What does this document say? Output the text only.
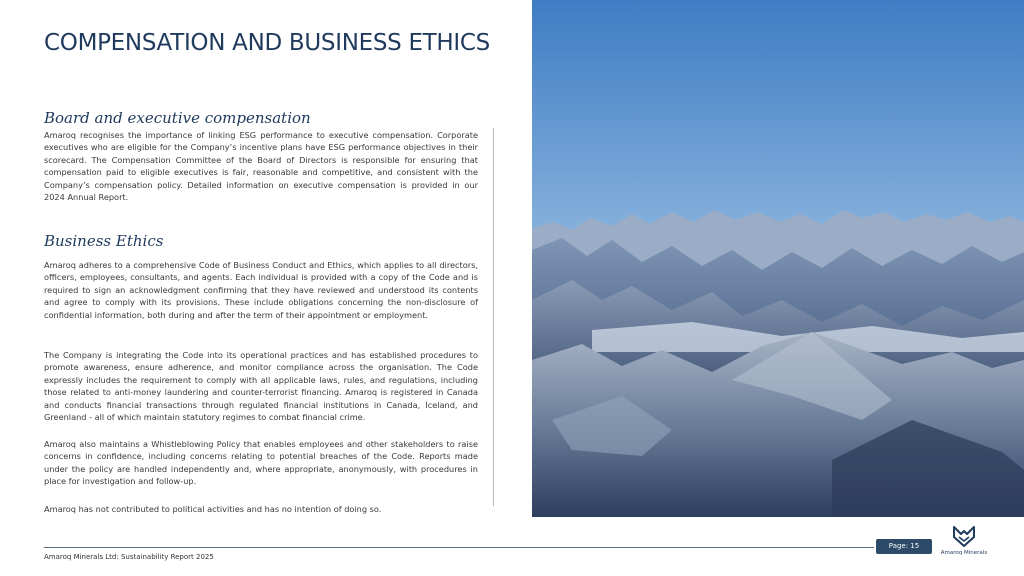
COMPENSATION AND BUSINESS ETHICS
Board and executive compensation

Amaroq recognises the importance of linking ESG performance to executive compensation. Corporate executives who are eligible for the Company’s incentive plans have ESG performance objectives in their scorecard. The Compensation Committee of the Board of Directors is responsible for ensuring that compensation paid to eligible executives is fair, reasonable and competitive, and consistent with the Company’s compensation policy. Detailed information on executive compensation is provided in our 2024 Annual Report.

Business Ethics

Amaroq adheres to a comprehensive Code of Business Conduct and Ethics, which applies to all directors, officers, employees, consultants, and agents. Each individual is provided with a copy of the Code and is required to sign an acknowledgment confirming that they have reviewed and understood its contents and agree to comply with its provisions. These include obligations concerning the non-disclosure of confidential information, both during and after the term of their appointment or employment.

The Company is integrating the Code into its operational practices and has established procedures to promote awareness, ensure adherence, and monitor compliance across the organisation. The Code expressly includes the requirement to comply with all applicable laws, rules, and regulations, including those related to anti-money laundering and counter-terrorist financing. Amaroq is registered in Canada and conducts financial transactions through regulated financial institutions in Canada, Iceland, and Greenland - all of which maintain statutory regimes to combat financial crime.

Amaroq also maintains a Whistleblowing Policy that enables employees and other stakeholders to raise concerns in confidence, including concerns relating to potential breaches of the Code. Reports made under the policy are handled independently and, where appropriate, anonymously, with procedures in place for investigation and follow-up.

Amaroq has not contributed to political activities and has no intention of doing so.

Amaroq Minerals Ltd: Sustainability Report 2025
Page: 15
Amaroq Minerals
